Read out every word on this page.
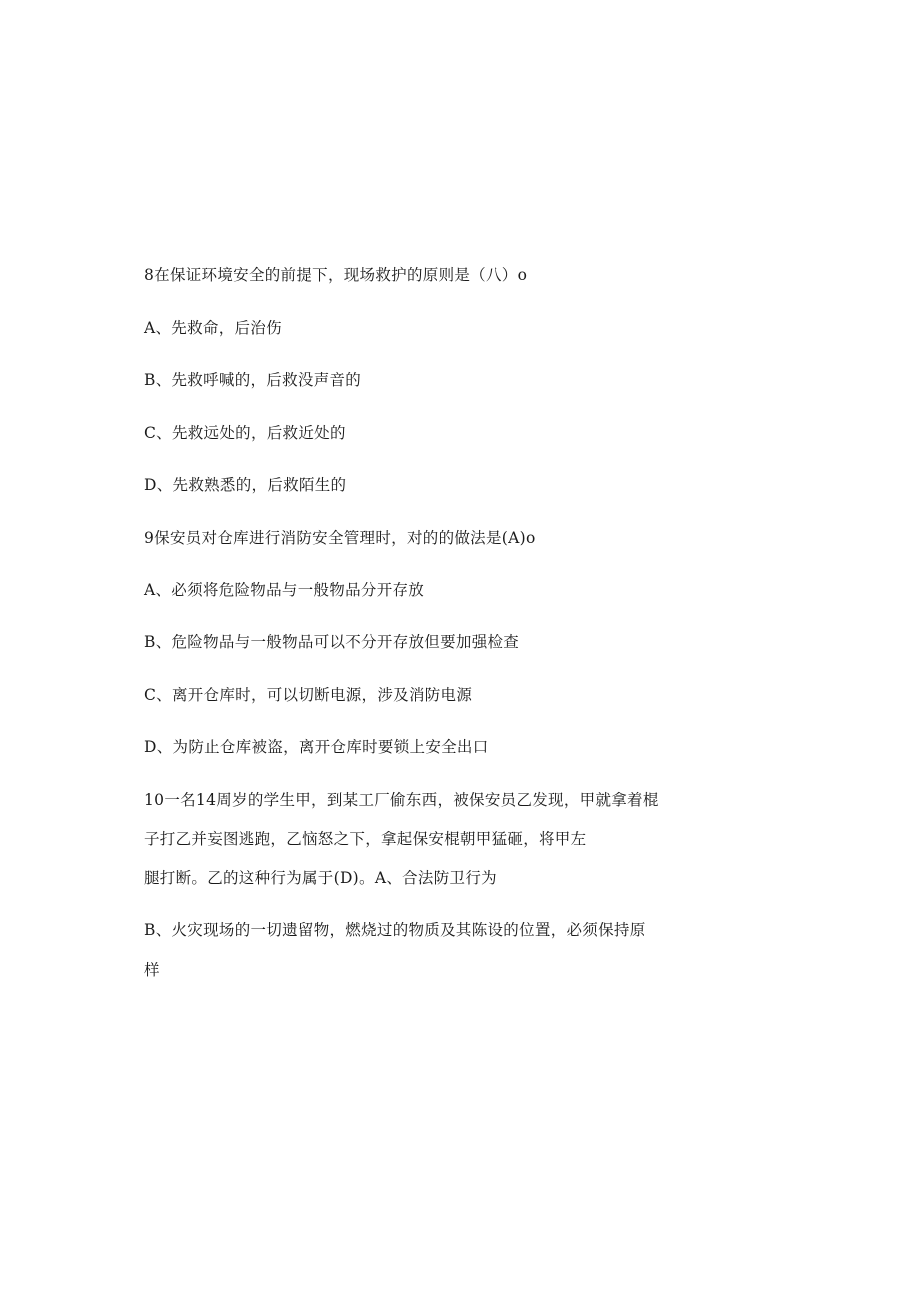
8在保证环境安全的前提下，现场救护的原则是（八）o
A、先救命，后治伤
B、先救呼喊的，后救没声音的
C、先救远处的，后救近处的
D、先救熟悉的，后救陌生的
9保安员对仓库进行消防安全管理时，对的的做法是(A)o
A、必须将危险物品与一般物品分开存放
B、危险物品与一般物品可以不分开存放但要加强检查
C、离开仓库时，可以切断电源，涉及消防电源
D、为防止仓库被盗，离开仓库时要锁上安全出口
10一名14周岁的学生甲，到某工厂偷东西，被保安员乙发现，甲就拿着棍
子打乙并妄图逃跑，乙恼怒之下，拿起保安棍朝甲猛砸，将甲左
腿打断。乙的这种行为属于(D)。A、合法防卫行为
B、火灾现场的一切遗留物，燃烧过的物质及其陈设的位置，必须保持原
样
